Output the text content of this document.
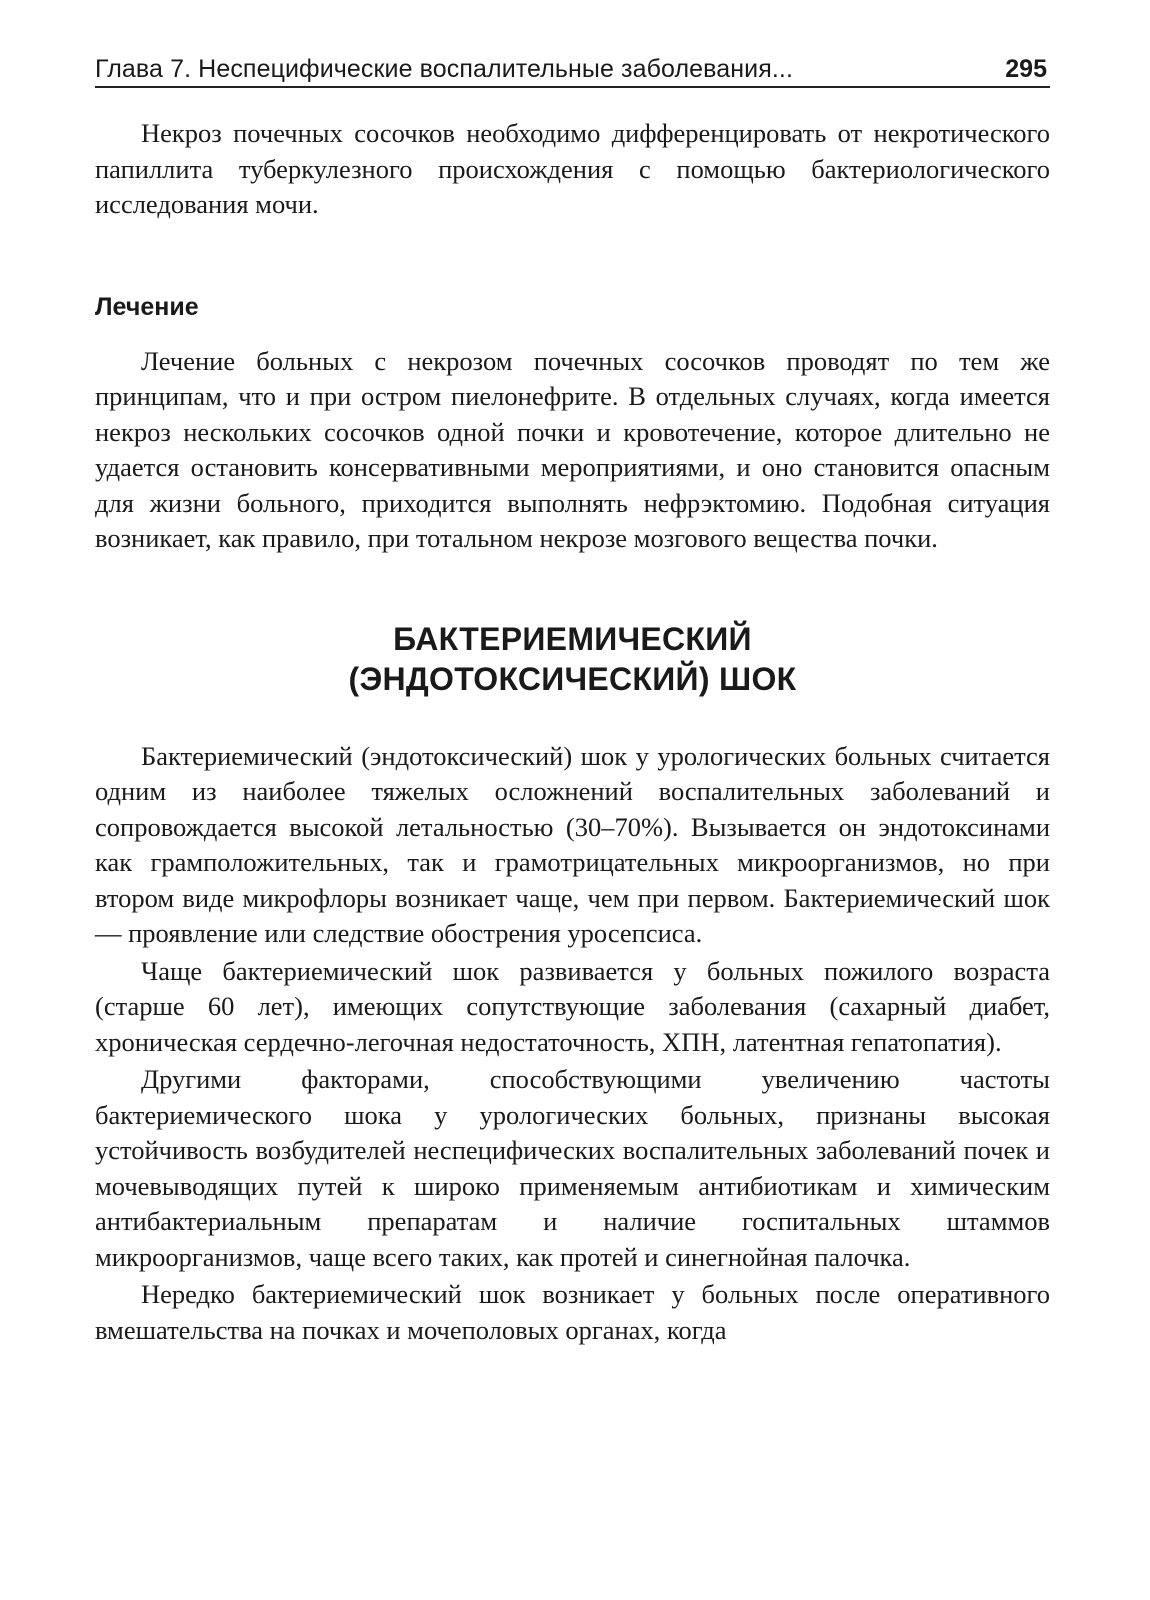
Глава 7. Неспецифические воспалительные заболевания...	295

Некроз почечных сосочков необходимо дифференцировать от некротического папиллита туберкулезного происхождения с помощью бактериологического исследования мочи.

Лечение

Лечение больных с некрозом почечных сосочков проводят по тем же принципам, что и при остром пиелонефрите. В отдельных случаях, когда имеется некроз нескольких сосочков одной почки и кровотечение, которое длительно не удается остановить консервативными мероприятиями, и оно становится опасным для жизни больного, приходится выполнять нефрэктомию. Подобная ситуация возникает, как правило, при тотальном некрозе мозгового вещества почки.

БАКТЕРИЕМИЧЕСКИЙ
(ЭНДОТОКСИЧЕСКИЙ) ШОК

Бактериемический (эндотоксический) шок у урологических больных считается одним из наиболее тяжелых осложнений воспалительных заболеваний и сопровождается высокой летальностью (30–70%). Вызывается он эндотоксинами как грамположительных, так и грамотрицательных микроорганизмов, но при втором виде микрофлоры возникает чаще, чем при первом. Бактериемический шок — проявление или следствие обострения уросепсиса.

Чаще бактериемический шок развивается у больных пожилого возраста (старше 60 лет), имеющих сопутствующие заболевания (сахарный диабет, хроническая сердечно-легочная недостаточность, ХПН, латентная гепатопатия).

Другими факторами, способствующими увеличению частоты бактериемического шока у урологических больных, признаны высокая устойчивость возбудителей неспецифических воспалительных заболеваний почек и мочевыводящих путей к широко применяемым антибиотикам и химическим антибактериальным препаратам и наличие госпитальных штаммов микроорганизмов, чаще всего таких, как протей и синегнойная палочка.

Нередко бактериемический шок возникает у больных после оперативного вмешательства на почках и мочеполовых органах, когда
